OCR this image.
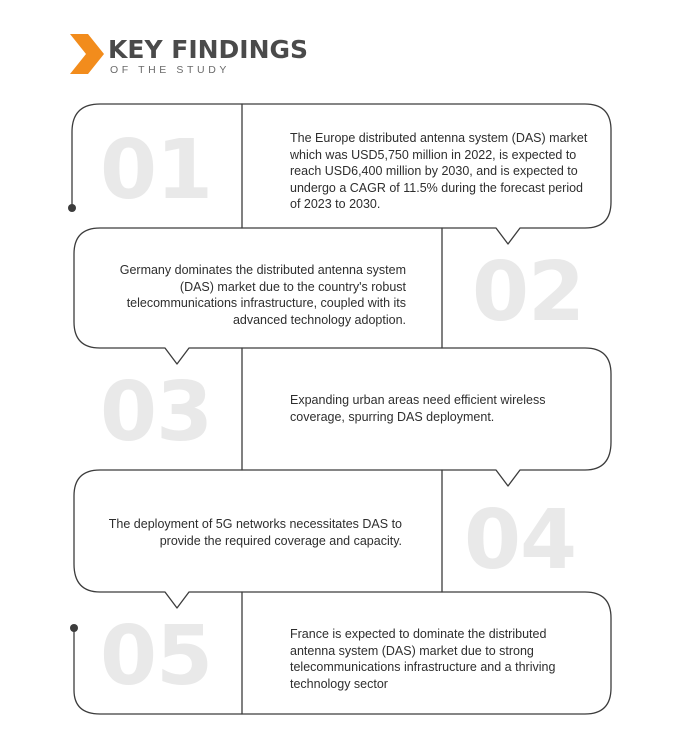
KEY FINDINGS
OF THE STUDY
01	The Europe distributed antenna system (DAS) market which was USD5,750 million in 2022, is expected to reach USD6,400 million by 2030, and is expected to undergo a CAGR of 11.5% during the forecast period of 2023 to 2030.
Germany dominates the distributed antenna system (DAS) market due to the country's robust telecommunications infrastructure, coupled with its advanced technology adoption. 02
03	Expanding urban areas need efficient wireless coverage, spurring DAS deployment.
The deployment of 5G networks necessitates DAS to provide the required coverage and capacity. 04
05	France is expected to dominate the distributed antenna system (DAS) market due to strong telecommunications infrastructure and a thriving technology sector
